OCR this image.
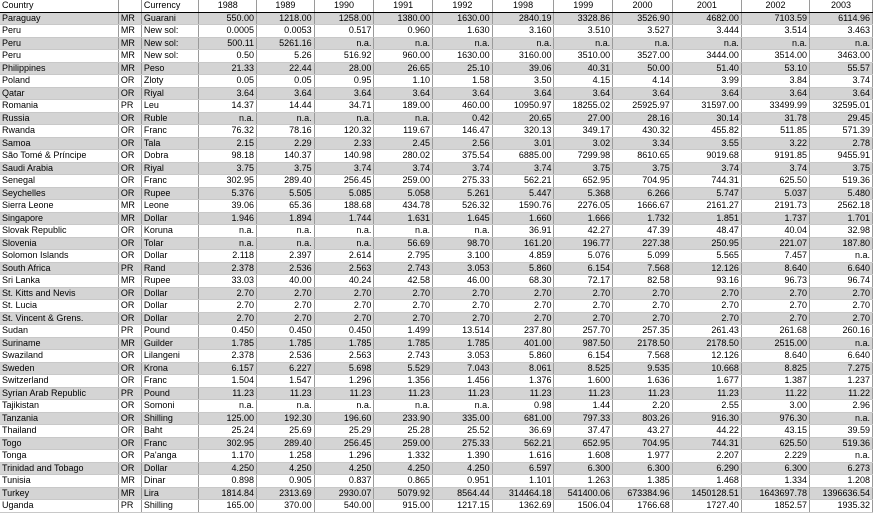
Country		Currency	1988	1989	1990	1991	1992	1998	1999	2000	2001	2002	2003
Paraguay	MR	Guarani	550.00	1218.00	1258.00	1380.00	1630.00	2840.19	3328.86	3526.90	4682.00	7103.59	6114.96
Peru	MR	New sol:	0.0005	0.0053	0.517	0.960	1.630	3.160	3.510	3.527	3.444	3.514	3.463
Peru	MR	New sol:	500.11	5261.16	n.a.	n.a.	n.a.	n.a.	n.a.	n.a.	n.a.	n.a.	n.a.
Peru	MR	New sol:	0.50	5.26	516.92	960.00	1630.00	3160.00	3510.00	3527.00	3444.00	3514.00	3463.00
Philippines	MR	Peso	21.33	22.44	28.00	26.65	25.10	39.06	40.31	50.00	51.40	53.10	55.57
Poland	OR	Zloty	0.05	0.05	0.95	1.10	1.58	3.50	4.15	4.14	3.99	3.84	3.74
Qatar	OR	Riyal	3.64	3.64	3.64	3.64	3.64	3.64	3.64	3.64	3.64	3.64	3.64
Romania	PR	Leu	14.37	14.44	34.71	189.00	460.00	10950.97	18255.02	25925.97	31597.00	33499.99	32595.01
Russia	OR	Ruble	n.a.	n.a.	n.a.	n.a.	0.42	20.65	27.00	28.16	30.14	31.78	29.45
Rwanda	OR	Franc	76.32	78.16	120.32	119.67	146.47	320.13	349.17	430.32	455.82	511.85	571.39
Samoa	OR	Tala	2.15	2.29	2.33	2.45	2.56	3.01	3.02	3.34	3.55	3.22	2.78
São Tomé & Príncipe	OR	Dobra	98.18	140.37	140.98	280.02	375.54	6885.00	7299.98	8610.65	9019.68	9191.85	9455.91
Saudi Arabia	OR	Riyal	3.75	3.75	3.74	3.74	3.74	3.74	3.75	3.75	3.74	3.74	3.75
Senegal	OR	Franc	302.95	289.40	256.45	259.00	275.33	562.21	652.95	704.95	744.31	625.50	519.36
Seychelles	OR	Rupee	5.376	5.505	5.085	5.058	5.261	5.447	5.368	6.266	5.747	5.037	5.480
Sierra Leone	MR	Leone	39.06	65.36	188.68	434.78	526.32	1590.76	2276.05	1666.67	2161.27	2191.73	2562.18
Singapore	MR	Dollar	1.946	1.894	1.744	1.631	1.645	1.660	1.666	1.732	1.851	1.737	1.701
Slovak Republic	OR	Koruna	n.a.	n.a.	n.a.	n.a.	n.a.	36.91	42.27	47.39	48.47	40.04	32.98
Slovenia	OR	Tolar	n.a.	n.a.	n.a.	56.69	98.70	161.20	196.77	227.38	250.95	221.07	187.80
Solomon Islands	OR	Dollar	2.118	2.397	2.614	2.795	3.100	4.859	5.076	5.099	5.565	7.457	n.a.
South Africa	PR	Rand	2.378	2.536	2.563	2.743	3.053	5.860	6.154	7.568	12.126	8.640	6.640
Sri Lanka	MR	Rupee	33.03	40.00	40.24	42.58	46.00	68.30	72.17	82.58	93.16	96.73	96.74
St. Kitts and Nevis	OR	Dollar	2.70	2.70	2.70	2.70	2.70	2.70	2.70	2.70	2.70	2.70	2.70
St. Lucia	OR	Dollar	2.70	2.70	2.70	2.70	2.70	2.70	2.70	2.70	2.70	2.70	2.70
St. Vincent & Grens.	OR	Dollar	2.70	2.70	2.70	2.70	2.70	2.70	2.70	2.70	2.70	2.70	2.70
Sudan	PR	Pound	0.450	0.450	0.450	1.499	13.514	237.80	257.70	257.35	261.43	261.68	260.16
Suriname	MR	Guilder	1.785	1.785	1.785	1.785	1.785	401.00	987.50	2178.50	2178.50	2515.00	n.a.
Swaziland	OR	Lilangeni	2.378	2.536	2.563	2.743	3.053	5.860	6.154	7.568	12.126	8.640	6.640
Sweden	OR	Krona	6.157	6.227	5.698	5.529	7.043	8.061	8.525	9.535	10.668	8.825	7.275
Switzerland	OR	Franc	1.504	1.547	1.296	1.356	1.456	1.376	1.600	1.636	1.677	1.387	1.237
Syrian Arab Republic	PR	Pound	11.23	11.23	11.23	11.23	11.23	11.23	11.23	11.23	11.23	11.22	11.22
Tajikistan	OR	Somoni	n.a.	n.a.	n.a.	n.a.	n.a.	0.98	1.44	2.20	2.55	3.00	2.96
Tanzania	OR	Shilling	125.00	192.30	196.60	233.90	335.00	681.00	797.33	803.26	916.30	976.30	n.a.
Thailand	OR	Baht	25.24	25.69	25.29	25.28	25.52	36.69	37.47	43.27	44.22	43.15	39.59
Togo	OR	Franc	302.95	289.40	256.45	259.00	275.33	562.21	652.95	704.95	744.31	625.50	519.36
Tonga	OR	Pa'anga	1.170	1.258	1.296	1.332	1.390	1.616	1.608	1.977	2.207	2.229	n.a.
Trinidad and Tobago	OR	Dollar	4.250	4.250	4.250	4.250	4.250	6.597	6.300	6.300	6.290	6.300	6.273
Tunisia	MR	Dinar	0.898	0.905	0.837	0.865	0.951	1.101	1.263	1.385	1.468	1.334	1.208
Turkey	MR	Lira	1814.84	2313.69	2930.07	5079.92	8564.44	314464.18	541400.06	673384.96	1450128.51	1643697.78	1396636.54
Uganda	PR	Shilling	165.00	370.00	540.00	915.00	1217.15	1362.69	1506.04	1766.68	1727.40	1852.57	1935.32
